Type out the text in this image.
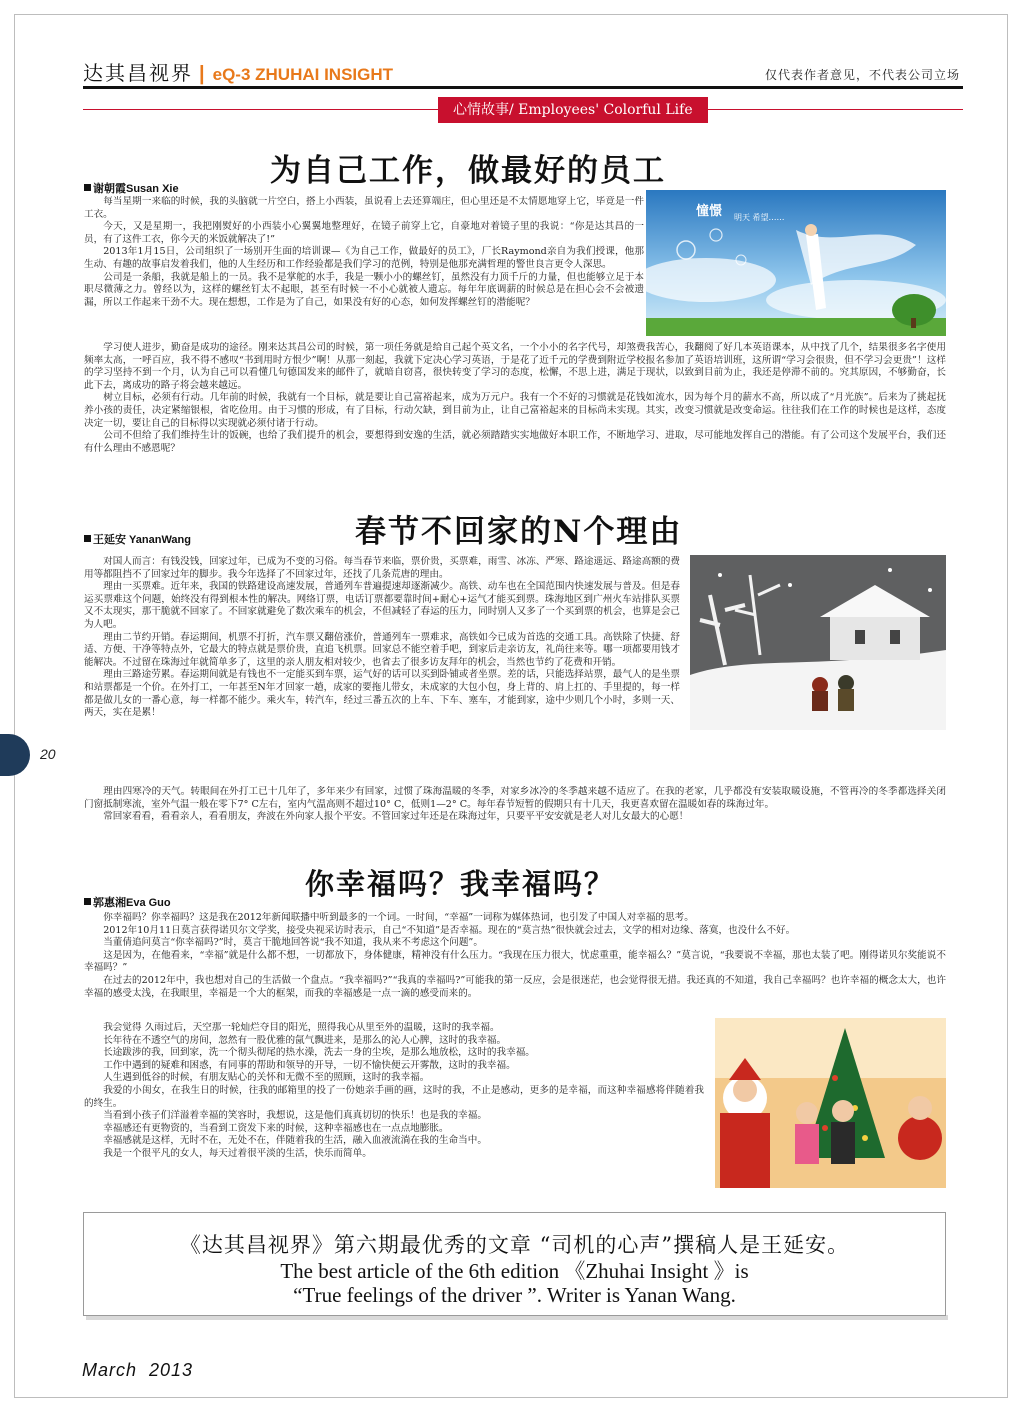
达其昌视界 | eQ-3 ZHUHAI INSIGHT	仅代表作者意见，不代表公司立场
心情故事/ Employees' Colorful Life
为自己工作，做最好的员工
谢朝霞Susan Xie
憧憬 明天 希望……

每当星期一来临的时候，我的头脑就一片空白，搭上小西装，虽说看上去还算端庄，但心里还是不太情愿地穿上它，毕竟是一件工衣。

今天，又是星期一，我把刚熨好的小西装小心翼翼地整理好，在镜子前穿上它，自豪地对着镜子里的我说：“你是达其昌的一员，有了这件工衣，你今天的米饭就解决了!”

2013年1月15日，公司组织了一场别开生面的培训课—《为自己工作，做最好的员工》，厂长Raymond亲自为我们授课，他那生动、有趣的故事启发着我们，他的人生经历和工作经验都是我们学习的范例，特别是他那充满哲理的警世良言更令人深思。

公司是一条船，我就是船上的一员。我不是掌舵的水手，我是一颗小小的螺丝钉，虽然没有力顶千斤的力量，但也能够立足于本职尽微薄之力。曾经以为，这样的螺丝钉太不起眼，甚至有时候一不小心就被人遗忘。每年年底调薪的时候总是在担心会不会被遗漏，所以工作起来干劲不大。现在想想，工作是为了自己，如果没有好的心态，如何发挥螺丝钉的潜能呢？

学习使人进步，勤奋是成功的途径。刚来达其昌公司的时候，第一项任务就是给自己起个英文名，一个小小的名字代号，却煞费我苦心，我翻阅了好几本英语课本，从中找了几个，结果很多名字使用频率太高，一呼百应，我不得不感叹“书到用时方恨少”啊！从那一刻起，我就下定决心学习英语，于是花了近千元的学费到附近学校报名参加了英语培训班，这所谓“学习会很贵，但不学习会更贵”！这样的学习坚持不到一个月，认为自己可以看懂几句德国发来的邮件了，就暗自窃喜，很快转变了学习的态度，松懈，不思上进，满足于现状，以致到目前为止，我还是停滞不前的。究其原因，不够勤奋，长此下去，离成功的路子将会越来越远。

树立目标，必须有行动。几年前的时候，我就有一个目标，就是要让自己富裕起来，成为万元户。我有一个不好的习惯就是花钱如流水，因为每个月的薪水不高，所以成了“月光族”。后来为了挑起抚养小孩的责任，决定紧缩银根，省吃俭用。由于习惯的形成，有了目标，行动欠缺，到目前为止，让自己富裕起来的目标尚未实现。其实，改变习惯就是改变命运。往往我们在工作的时候也是这样，态度决定一切，要让自己的目标得以实现就必须付诸于行动。

公司不但给了我们维持生计的饭碗，也给了我们提升的机会，要想得到安逸的生活，就必须踏踏实实地做好本职工作，不断地学习、进取，尽可能地发挥自己的潜能。有了公司这个发展平台，我们还有什么理由不感恩呢？

春节不回家的N个理由
王延安 YananWang

对国人而言：有钱没钱，回家过年，已成为不变的习俗。每当春节来临，票价贵，买票难，雨雪、冰冻、严寒、路途遥远、路途高额的费用等都阻挡不了回家过年的脚步。我今年选择了不回家过年，还找了几条荒唐的理由。

理由一买票难。近年来，我国的铁路建设高速发展，普通列车普遍提速却逐渐减少。高铁、动车也在全国范围内快速发展与普及。但是春运买票难这个问题，始终没有得到根本性的解决。网络订票，电话订票都要靠时间+耐心+运气才能买到票。珠海地区到广州火车站排队买票又不太现实，那干脆就不回家了。不回家就避免了数次乘车的机会，不但减轻了春运的压力，同时别人又多了一个买到票的机会，也算是会己为人吧。

理由二节约开销。春运期间，机票不打折，汽车票又翻倍涨价，普通列车一票难求，高铁如今已成为首选的交通工具。高铁除了快捷、舒适、方便、干净等特点外，它最大的特点就是票价贵，直追飞机票。回家总不能空着手吧，到家后走亲访友，礼尚往来等。哪一项都要用钱才能解决。不过留在珠海过年就简单多了，这里的亲人朋友相对较少，也省去了很多访友拜年的机会，当然也节约了花费和开销。

理由三路途劳累。春运期间就是有钱也不一定能买到车票，运气好的话可以买到卧铺或者坐票。差的话，只能选择站票，最气人的是坐票和站票都是一个价。在外打工，一年甚至N年才回家一趟，成家的要拖儿带女，未成家的大包小包，身上背的、肩上扛的、手里提的，每一样都是做儿女的一番心意，每一样都不能少。乘火车，转汽车，经过三番五次的上车、下车、塞车，才能到家，途中少则几个小时，多则一天、两天，实在是累！

理由四寒冷的天气。转眼间在外打工已十几年了，多年来少有回家，过惯了珠海温暖的冬季，对家乡冰冷的冬季越来越不适应了。在我的老家，几乎都没有安装取暖设施，不管再冷的冬季都选择关闭门窗抵制寒流，室外气温一般在零下7° C左右，室内气温高则不超过10° C，低则1—2° C。每年春节短暂的假期只有十几天，我更喜欢留在温暖如春的珠海过年。

常回家看看，看看亲人，看看朋友，奔波在外向家人报个平安。不管回家过年还是在珠海过年，只要平平安安就是老人对儿女最大的心愿！

你幸福吗？我幸福吗？
郭惠湘Eva Guo

你幸福吗？你幸福吗？这是我在2012年新闻联播中听到最多的一个词。一时间，“幸福”一词称为媒体热词，也引发了中国人对幸福的思考。

2012年10月11日莫言获得诺贝尔文学奖，接受央视采访时表示，自己“不知道”是否幸福。现在的“莫言热”很快就会过去，文学的相对边缘、落寞，也没什么不好。

当董倩追问莫言“你幸福吗?”时，莫言干脆地回答说“我不知道，我从来不考虑这个问题”。

这是因为，在他看来，“幸福”就是什么都不想，一切都放下，身体健康，精神没有什么压力。“我现在压力很大，忧虑重重，能幸福么？”莫言说，“我要说不幸福，那也太装了吧。刚得诺贝尔奖能说不幸福吗？”

在过去的2012年中，我也想对自己的生活做一个盘点。“我幸福吗?”“我真的幸福吗?”可能我的第一反应，会是很迷茫，也会觉得很无措。我还真的不知道，我自己幸福吗？也许幸福的概念太大，也许幸福的感受太浅，在我眼里，幸福是一个大的框架，而我的幸福感是一点一滴的感受而来的。

我会觉得 久雨过后，天空那一轮灿烂夺目的阳光，照得我心从里至外的温暖，这时的我幸福。

长年待在不透空气的房间，忽然有一股优雅的氤气飘进来，是那么的沁人心脾，这时的我幸福。

长途跋涉的我，回到家，洗一个彻头彻尾的热水澡，洗去一身的尘埃，是那么地放松，这时的我幸福。

工作中遇到的疑难和困惑，有同事的帮助和领导的开导，一切不愉快便云开雾散，这时的我幸福。

人生遇到低谷的时候，有朋友贴心的关怀和无微不至的照顾，这时的我幸福。

我爱的小闺女，在我生日的时候，往我的邮箱里的投了一份她亲手画的画，这时的我，不止是感动，更多的是幸福，而这种幸福感将伴随着我的终生。

当看到小孩子们洋溢着幸福的笑容时，我想说，这是他们真真切切的快乐！也是我的幸福。

幸福感还有更物资的，当看到工资发下来的时候，这种幸福感也在一点点地膨胀。

幸福感就是这样，无时不在，无处不在，伴随着我的生活，融入血液流淌在我的生命当中。

我是一个很平凡的女人，每天过着很平淡的生活，快乐而简单。

20
《达其昌视界》第六期最优秀的文章 “司机的心声”撰稿人是王延安。
The best article of the 6th edition 《Zhuhai Insight 》is
“True feelings of the driver ”. Writer is Yanan Wang.
March  2013
